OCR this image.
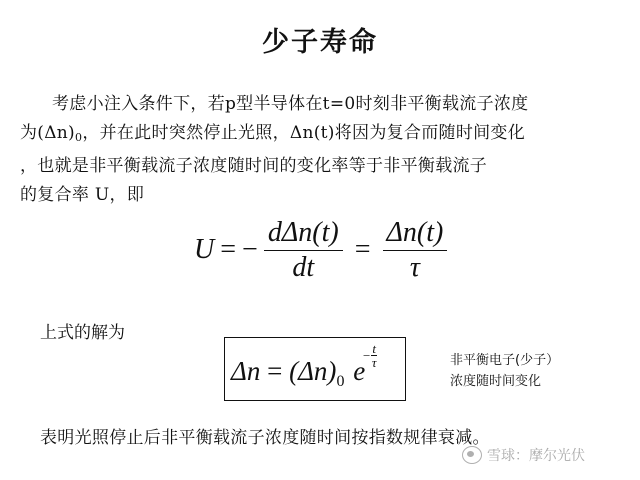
少子寿命
考虑小注入条件下，若p型半导体在t=0时刻非平衡载流子浓度
为$(\Delta n)_0$，并在此时突然停止光照，Δn(t)将因为复合而随时间变化
，也就是非平衡载流子浓度随时间的变化率等于非平衡载流子
的复合率 U，即
U = − $\frac{\text{dΔn(t)}}{dt} = \frac{\Delta n(t)}{\tau}$
上式的解为
$\Delta n = (\Delta n)_0$ e
− $\frac{t}{\tau}$	非平衡电子(少子）
浓度随时间变化
表明光照停止后非平衡载流子浓度随时间按指数规律衰减。
雪球：摩尔光伏
